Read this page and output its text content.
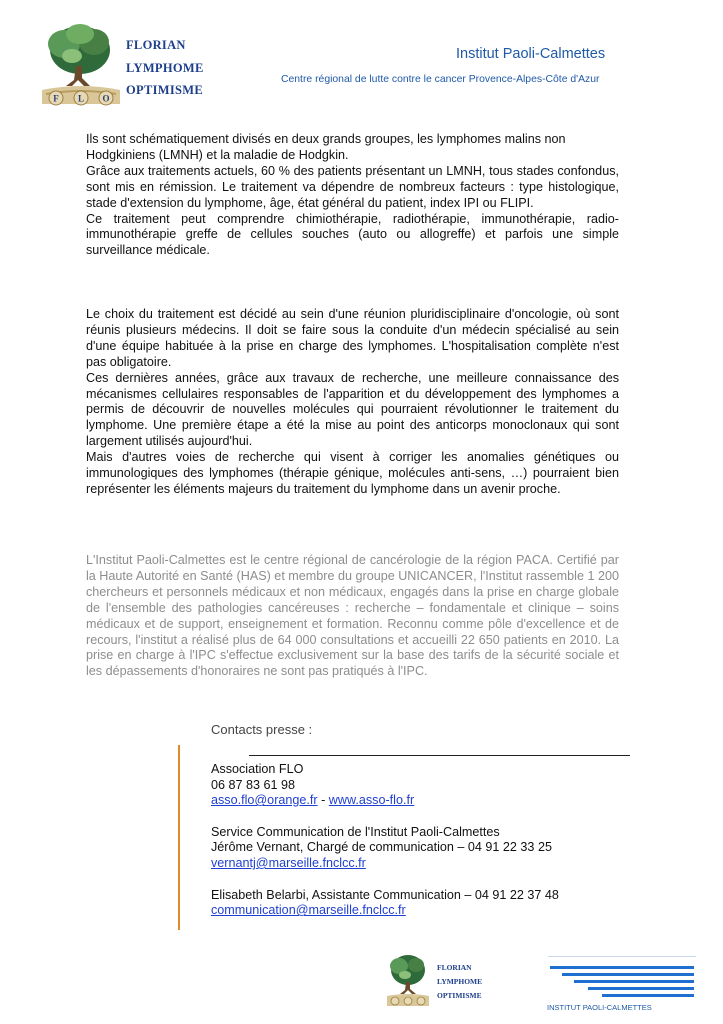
F L O
FLORIAN
LYMPHOME
OPTIMISME
Institut Paoli-Calmettes
Centre régional de lutte contre le cancer Provence-Alpes-Côte d'Azur

Ils sont schématiquement divisés en deux grands groupes, les lymphomes malins non Hodgkiniens (LMNH) et la maladie de Hodgkin.

Grâce aux traitements actuels, 60 % des patients présentant un LMNH, tous stades confondus, sont mis en rémission. Le traitement va dépendre de nombreux facteurs : type histologique, stade d'extension du lymphome, âge, état général du patient, index IPI ou FLIPI.

Ce traitement peut comprendre chimiothérapie, radiothérapie, immunothérapie, radio-immunothérapie greffe de cellules souches (auto ou allogreffe) et parfois une simple surveillance médicale.

Le choix du traitement est décidé au sein d'une réunion pluridisciplinaire d'oncologie, où sont réunis plusieurs médecins. Il doit se faire sous la conduite d'un médecin spécialisé au sein d'une équipe habituée à la prise en charge des lymphomes. L'hospitalisation complète n'est pas obligatoire.

Ces dernières années, grâce aux travaux de recherche, une meilleure connaissance des mécanismes cellulaires responsables de l'apparition et du développement des lymphomes a permis de découvrir de nouvelles molécules qui pourraient révolutionner le traitement du lymphome. Une première étape a été la mise au point des anticorps monoclonaux qui sont largement utilisés aujourd'hui.

Mais d'autres voies de recherche qui visent à corriger les anomalies génétiques ou immunologiques des lymphomes (thérapie génique, molécules anti-sens, …) pourraient bien représenter les éléments majeurs du traitement du lymphome dans un avenir proche.

L'Institut Paoli-Calmettes est le centre régional de cancérologie de la région PACA. Certifié par la Haute Autorité en Santé (HAS) et membre du groupe UNICANCER, l'Institut rassemble 1 200 chercheurs et personnels médicaux et non médicaux, engagés dans la prise en charge globale de l'ensemble des pathologies cancéreuses : recherche – fondamentale et clinique – soins médicaux et de support, enseignement et formation. Reconnu comme pôle d'excellence et de recours, l'institut a réalisé plus de 64 000 consultations et accueilli 22 650 patients en 2010. La prise en charge à l'IPC s'effectue exclusivement sur la base des tarifs de la sécurité sociale et les dépassements d'honoraires ne sont pas pratiqués à l'IPC.

Contacts presse :
Association FLO
06 87 83 61 98
asso.flo@orange.fr - www.asso-flo.fr
Service Communication de l'Institut Paoli-Calmettes
Jérôme Vernant, Chargé de communication – 04 91 22 33 25
vernantj@marseille.fnclcc.fr
Elisabeth Belarbi, Assistante Communication – 04 91 22 37 48
communication@marseille.fnclcc.fr
FLORIAN
LYMPHOME
OPTIMISME
INSTITUT PAOLI-CALMETTES
